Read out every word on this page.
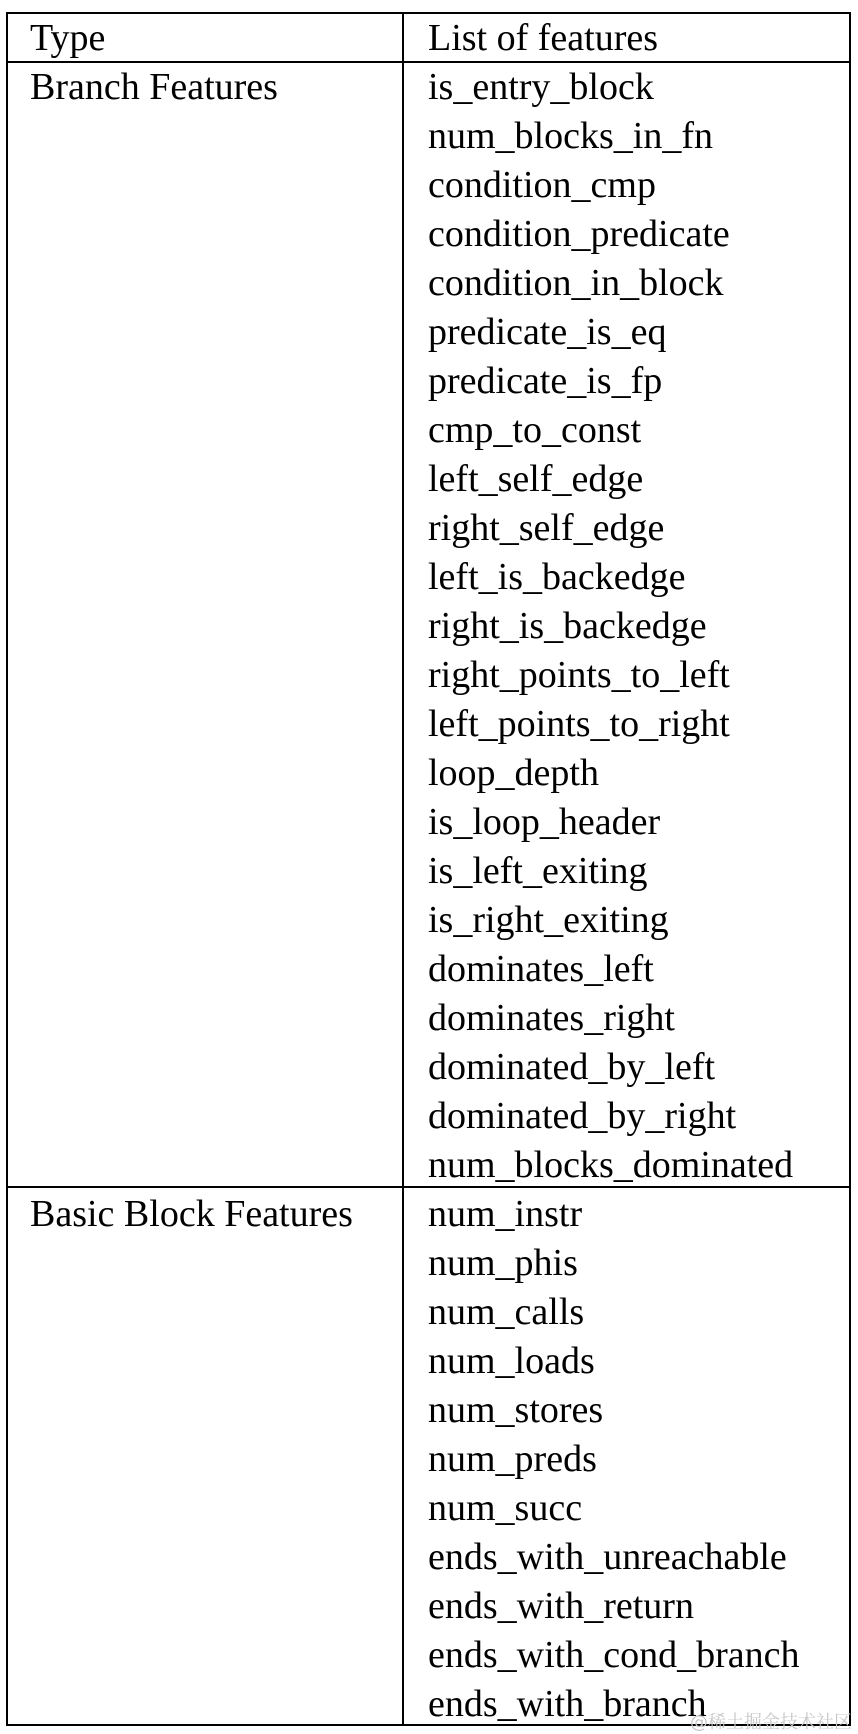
Type	List of features
Branch Features	is_entry_block
num_blocks_in_fn
condition_cmp
condition_predicate
condition_in_block
predicate_is_eq
predicate_is_fp
cmp_to_const
left_self_edge
right_self_edge
left_is_backedge
right_is_backedge
right_points_to_left
left_points_to_right
loop_depth
is_loop_header
is_left_exiting
is_right_exiting
dominates_left
dominates_right
dominated_by_left
dominated_by_right
num_blocks_dominated
Basic Block Features num_instr
num_phis
num_calls
num_loads
num_stores
num_preds
num_succ
ends_with_unreachable
ends_with_return
ends_with_cond_branch
ends_with_branch
@稀土掘金技术社区
